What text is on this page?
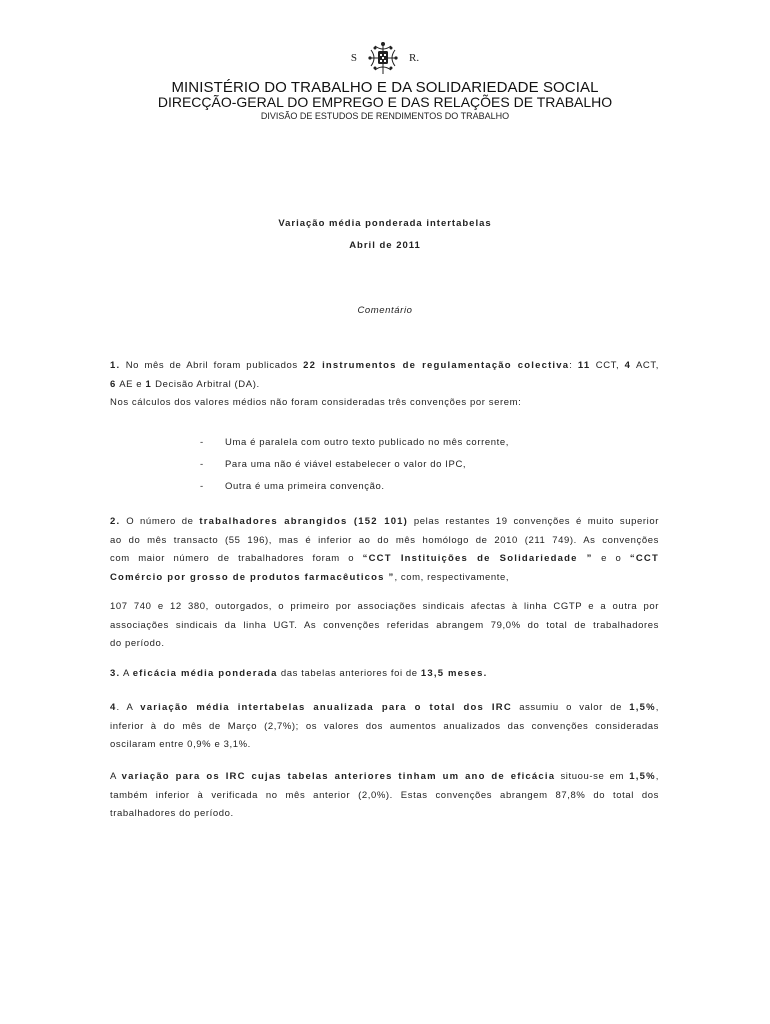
S	R.
MINISTÉRIO DO TRABALHO E DA SOLIDARIEDADE SOCIAL
DIRECÇÃO-GERAL DO EMPREGO E DAS RELAÇÕES DE TRABALHO
DIVISÃO DE ESTUDOS DE RENDIMENTOS DO TRABALHO
Variação média ponderada intertabelas
Abril de 2011
Comentário
1. No mês de Abril foram publicados 22 instrumentos de regulamentação colectiva: 11 CCT, 4 ACT,
6 AE e 1 Decisão Arbitral (DA).
Nos cálculos dos valores médios não foram consideradas três convenções por serem:
- Uma é paralela com outro texto publicado no mês corrente,
- Para uma não é viável estabelecer o valor do IPC,
- Outra é uma primeira convenção.
2. O número de trabalhadores abrangidos (152 101) pelas restantes 19 convenções é muito superior
ao do mês transacto (55 196), mas é inferior ao do mês homólogo de 2010 (211 749). As convenções
com maior número de trabalhadores foram o “CCT Instituições de Solidariedade ” e o “CCT
Comércio por grosso de produtos farmacêuticos ”, com, respectivamente,
107 740 e 12 380, outorgados, o primeiro por associações sindicais afectas à linha CGTP e a outra por
associações sindicais da linha UGT. As convenções referidas abrangem 79,0% do total de trabalhadores
do período.
3. A eficácia média ponderada das tabelas anteriores foi de 13,5 meses.
4. A variação média intertabelas anualizada para o total dos IRC assumiu o valor de 1,5%,
inferior à do mês de Março (2,7%); os valores dos aumentos anualizados das convenções consideradas
oscilaram entre 0,9% e 3,1%.
A variação para os IRC cujas tabelas anteriores tinham um ano de eficácia situou-se em 1,5%,
também inferior à verificada no mês anterior (2,0%). Estas convenções abrangem 87,8% do total dos
trabalhadores do período.
